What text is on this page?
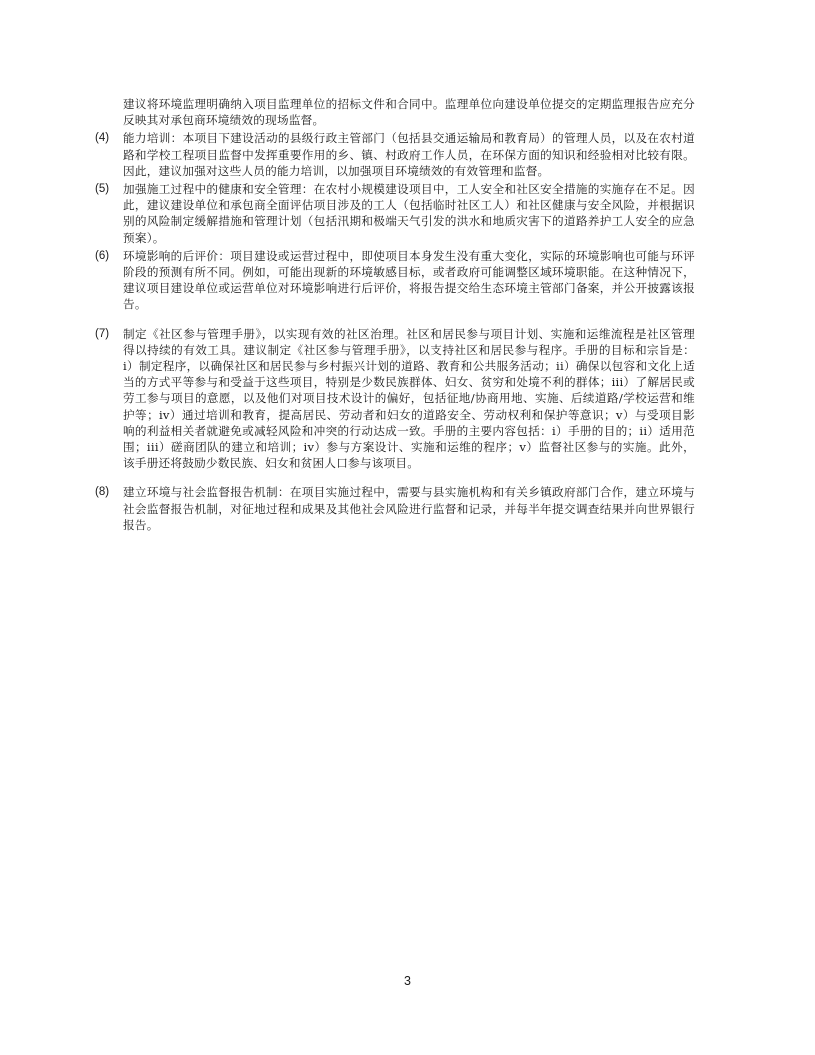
建议将环境监理明确纳入项目监理单位的招标文件和合同中。监理单位向建设单位提交的定期监理报告应充分反映其对承包商环境绩效的现场监督。

(4)	能力培训：本项目下建设活动的县级行政主管部门（包括县交通运输局和教育局）的管理人员，以及在农村道路和学校工程项目监督中发挥重要作用的乡、镇、村政府工作人员，在环保方面的知识和经验相对比较有限。因此，建议加强对这些人员的能力培训，以加强项目环境绩效的有效管理和监督。
(5)	加强施工过程中的健康和安全管理：在农村小规模建设项目中，工人安全和社区安全措施的实施存在不足。因此，建议建设单位和承包商全面评估项目涉及的工人（包括临时社区工人）和社区健康与安全风险，并根据识别的风险制定缓解措施和管理计划（包括汛期和极端天气引发的洪水和地质灾害下的道路养护工人安全的应急预案）。
(6)	环境影响的后评价：项目建设或运营过程中，即使项目本身发生没有重大变化，实际的环境影响也可能与环评阶段的预测有所不同。例如，可能出现新的环境敏感目标，或者政府可能调整区域环境职能。在这种情况下，建议项目建设单位或运营单位对环境影响进行后评价，将报告提交给生态环境主管部门备案，并公开披露该报告。
(7)	制定《社区参与管理手册》，以实现有效的社区治理。社区和居民参与项目计划、实施和运维流程是社区管理得以持续的有效工具。建议制定《社区参与管理手册》，以支持社区和居民参与程序。手册的目标和宗旨是：i）制定程序，以确保社区和居民参与乡村振兴计划的道路、教育和公共服务活动；ii）确保以包容和文化上适当的方式平等参与和受益于这些项目，特别是少数民族群体、妇女、贫穷和处境不利的群体；iii）了解居民或劳工参与项目的意愿，以及他们对项目技术设计的偏好，包括征地/协商用地、实施、后续道路/学校运营和维护等；iv）通过培训和教育，提高居民、劳动者和妇女的道路安全、劳动权利和保护等意识；v）与受项目影响的利益相关者就避免或减轻风险和冲突的行动达成一致。手册的主要内容包括：i）手册的目的；ii）适用范围；iii）磋商团队的建立和培训；iv）参与方案设计、实施和运维的程序；v）监督社区参与的实施。此外，该手册还将鼓励少数民族、妇女和贫困人口参与该项目。
(8)	建立环境与社会监督报告机制：在项目实施过程中，需要与县实施机构和有关乡镇政府部门合作，建立环境与社会监督报告机制，对征地过程和成果及其他社会风险进行监督和记录，并每半年提交调查结果并向世界银行报告。
3
